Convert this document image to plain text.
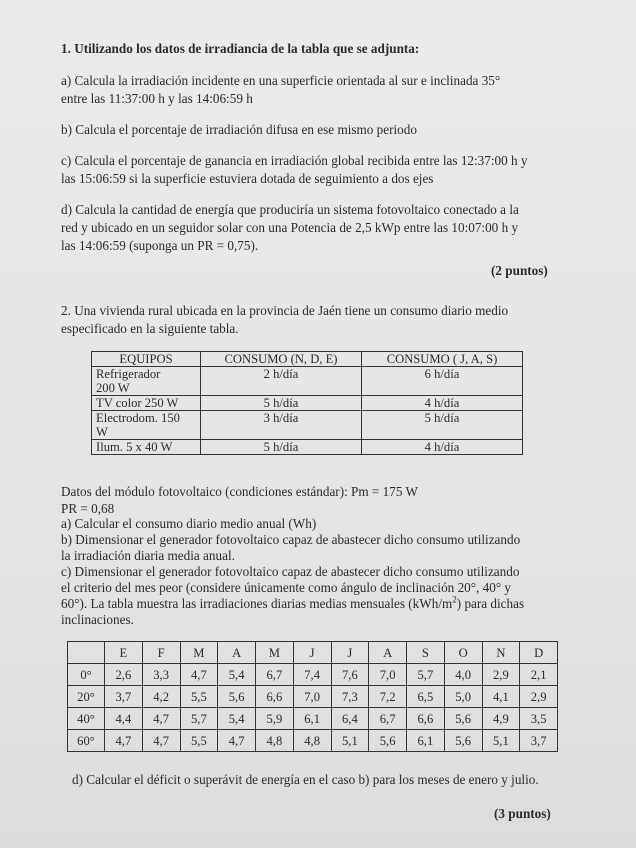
1. Utilizando los datos de irradiancia de la tabla que se adjunta:
a) Calcula la irradiación incidente en una superficie orientada al sur e inclinada 35°
entre las 11:37:00 h y las 14:06:59 h
b) Calcula el porcentaje de irradiación difusa en ese mismo periodo
c) Calcula el porcentaje de ganancia en irradiación global recibida entre las 12:37:00 h y
las 15:06:59 si la superficie estuviera dotada de seguimiento a dos ejes
d) Calcula la cantidad de energía que produciría un sistema fotovoltaico conectado a la
red y ubicado en un seguidor solar con una Potencia de 2,5 kWp entre las 10:07:00 h y
las 14:06:59 (suponga un PR = 0,75).
(2 puntos)
2. Una vivienda rural ubicada en la provincia de Jaén tiene un consumo diario medio
especificado en la siguiente tabla.
EQUIPOS	CONSUMO (N, D, E)	CONSUMO ( J, A, S)
Refrigerador
200 W	2 h/día	6 h/día
TV color 250 W	5 h/día	4 h/día
Electrodom. 150
W	3 h/día	5 h/día
Ilum. 5 x 40 W	5 h/día	4 h/día
Datos del módulo fotovoltaico (condiciones estándar): Pm = 175 W
PR = 0,68
a) Calcular el consumo diario medio anual (Wh)
b) Dimensionar el generador fotovoltaico capaz de abastecer dicho consumo utilizando
la irradiación diaria media anual.
c) Dimensionar el generador fotovoltaico capaz de abastecer dicho consumo utilizando
el criterio del mes peor (considere únicamente como ángulo de inclinación 20°, 40° y
60°). La tabla muestra las irradiaciones diarias medias mensuales $(kWh/m^2)$ para dichas
inclinaciones.
	E	F	M	A	M	J	J	A	S	O	N	D
0°	2,6	3,3	4,7	5,4	6,7	7,4	7,6	7,0	5,7	4,0	2,9	2,1
20°	3,7	4,2	5,5	5,6	6,6	7,0	7,3	7,2	6,5	5,0	4,1	2,9
40°	4,4	4,7	5,7	5,4	5,9	6,1	6,4	6,7	6,6	5,6	4,9	3,5
60°	4,7	4,7	5,5	4,7	4,8	4,8	5,1	5,6	6,1	5,6	5,1	3,7
d) Calcular el déficit o superávit de energía en el caso b) para los meses de enero y julio.
(3 puntos)
